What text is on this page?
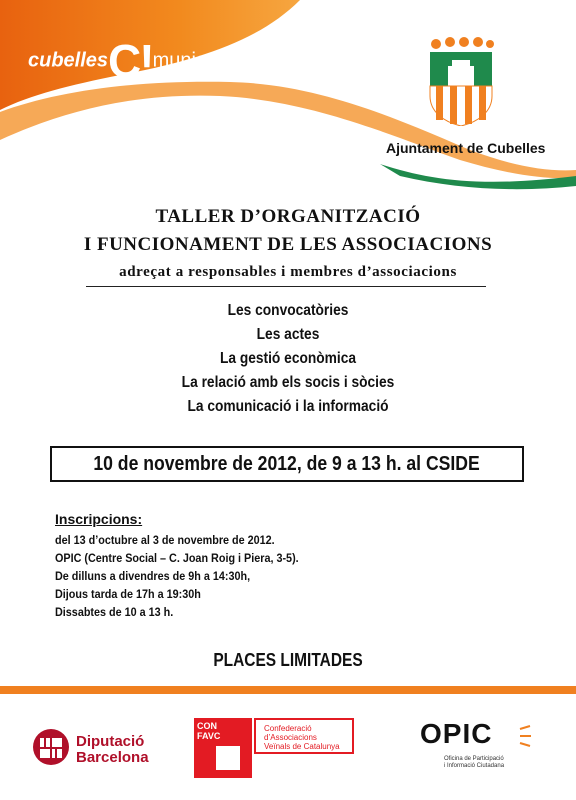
cubellesC!munica
Ajuntament de Cubelles
TALLER D’ORGANITZACIÓ
I FUNCIONAMENT DE LES ASSOCIACIONS
adreçat a responsables i membres d’associacions
Les convocatòries
Les actes
La gestió econòmica
La relació amb els socis i sòcies
La comunicació i la informació
10 de novembre de 2012, de 9 a 13 h. al CSIDE
Inscripcions:
del 13 d’octubre al 3 de novembre de 2012.
OPIC (Centre Social – C. Joan Roig i Piera, 3-5).
De dilluns a divendres de 9h a 14:30h,
Dijous tarda de 17h a 19:30h
Dissabtes de 10 a 13 h.
PLACES LIMITADES
Diputació
Barcelona
CON
FAVC
Confederació
d’Associacions
Veïnals de Catalunya	OPIC
Oficina de Participació
i Informació Ciutadana
